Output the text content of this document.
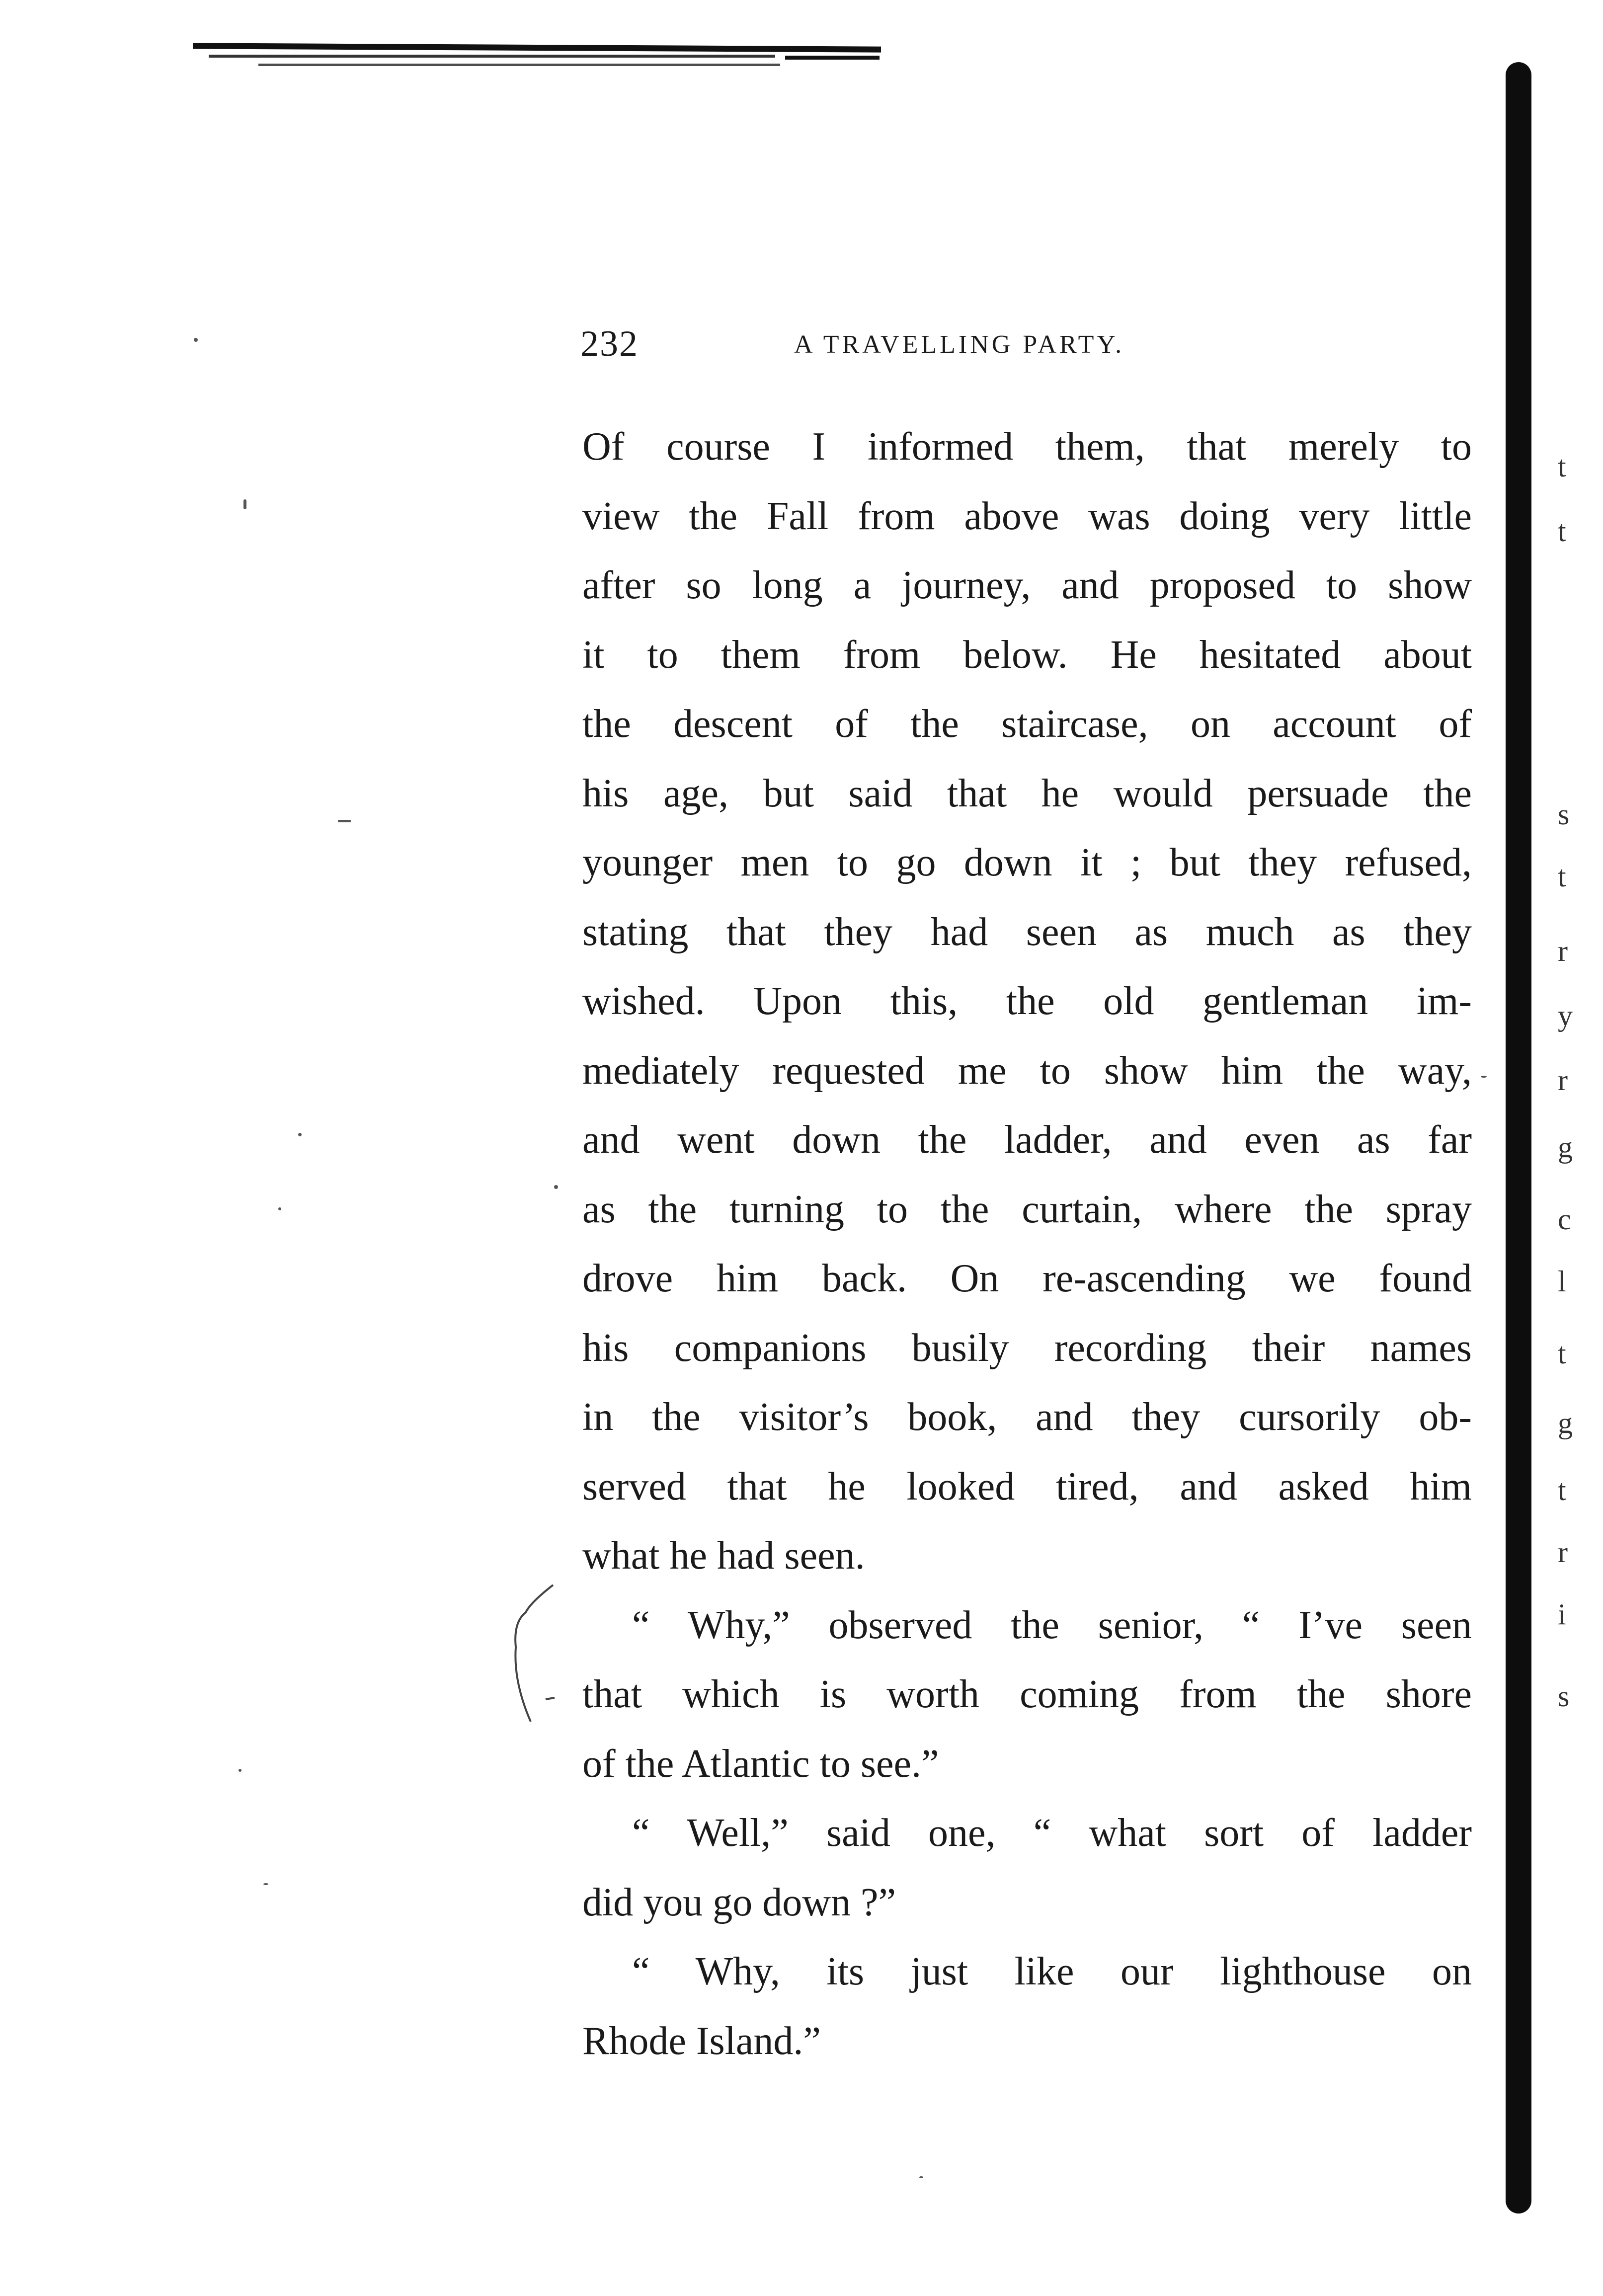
t
t
s
t
r
y
r
g
c
l
t
g
t
r
i
s
232	A TRAVELLING PARTY.
Of course I informed them, that merely to
view the Fall from above was doing very little
after so long a journey, and proposed to show
it to them from below. He hesitated about
the descent of the staircase, on account of
his age, but said that he would persuade the
younger men to go down it ; but they refused,
stating that they had seen as much as they
wished. Upon this, the old gentleman im-
mediately requested me to show him the way,
and went down the ladder, and even as far
as the turning to the curtain, where the spray
drove him back. On re-ascending we found
his companions busily recording their names
in the visitor’s book, and they cursorily ob-
served that he looked tired, and asked him
what he had seen.
“ Why,” observed the senior, “ I’ve seen
that which is worth coming from the shore
of the Atlantic to see.”
“ Well,” said one, “ what sort of ladder
did you go down ?”
“ Why, its just like our lighthouse on
Rhode Island.”
